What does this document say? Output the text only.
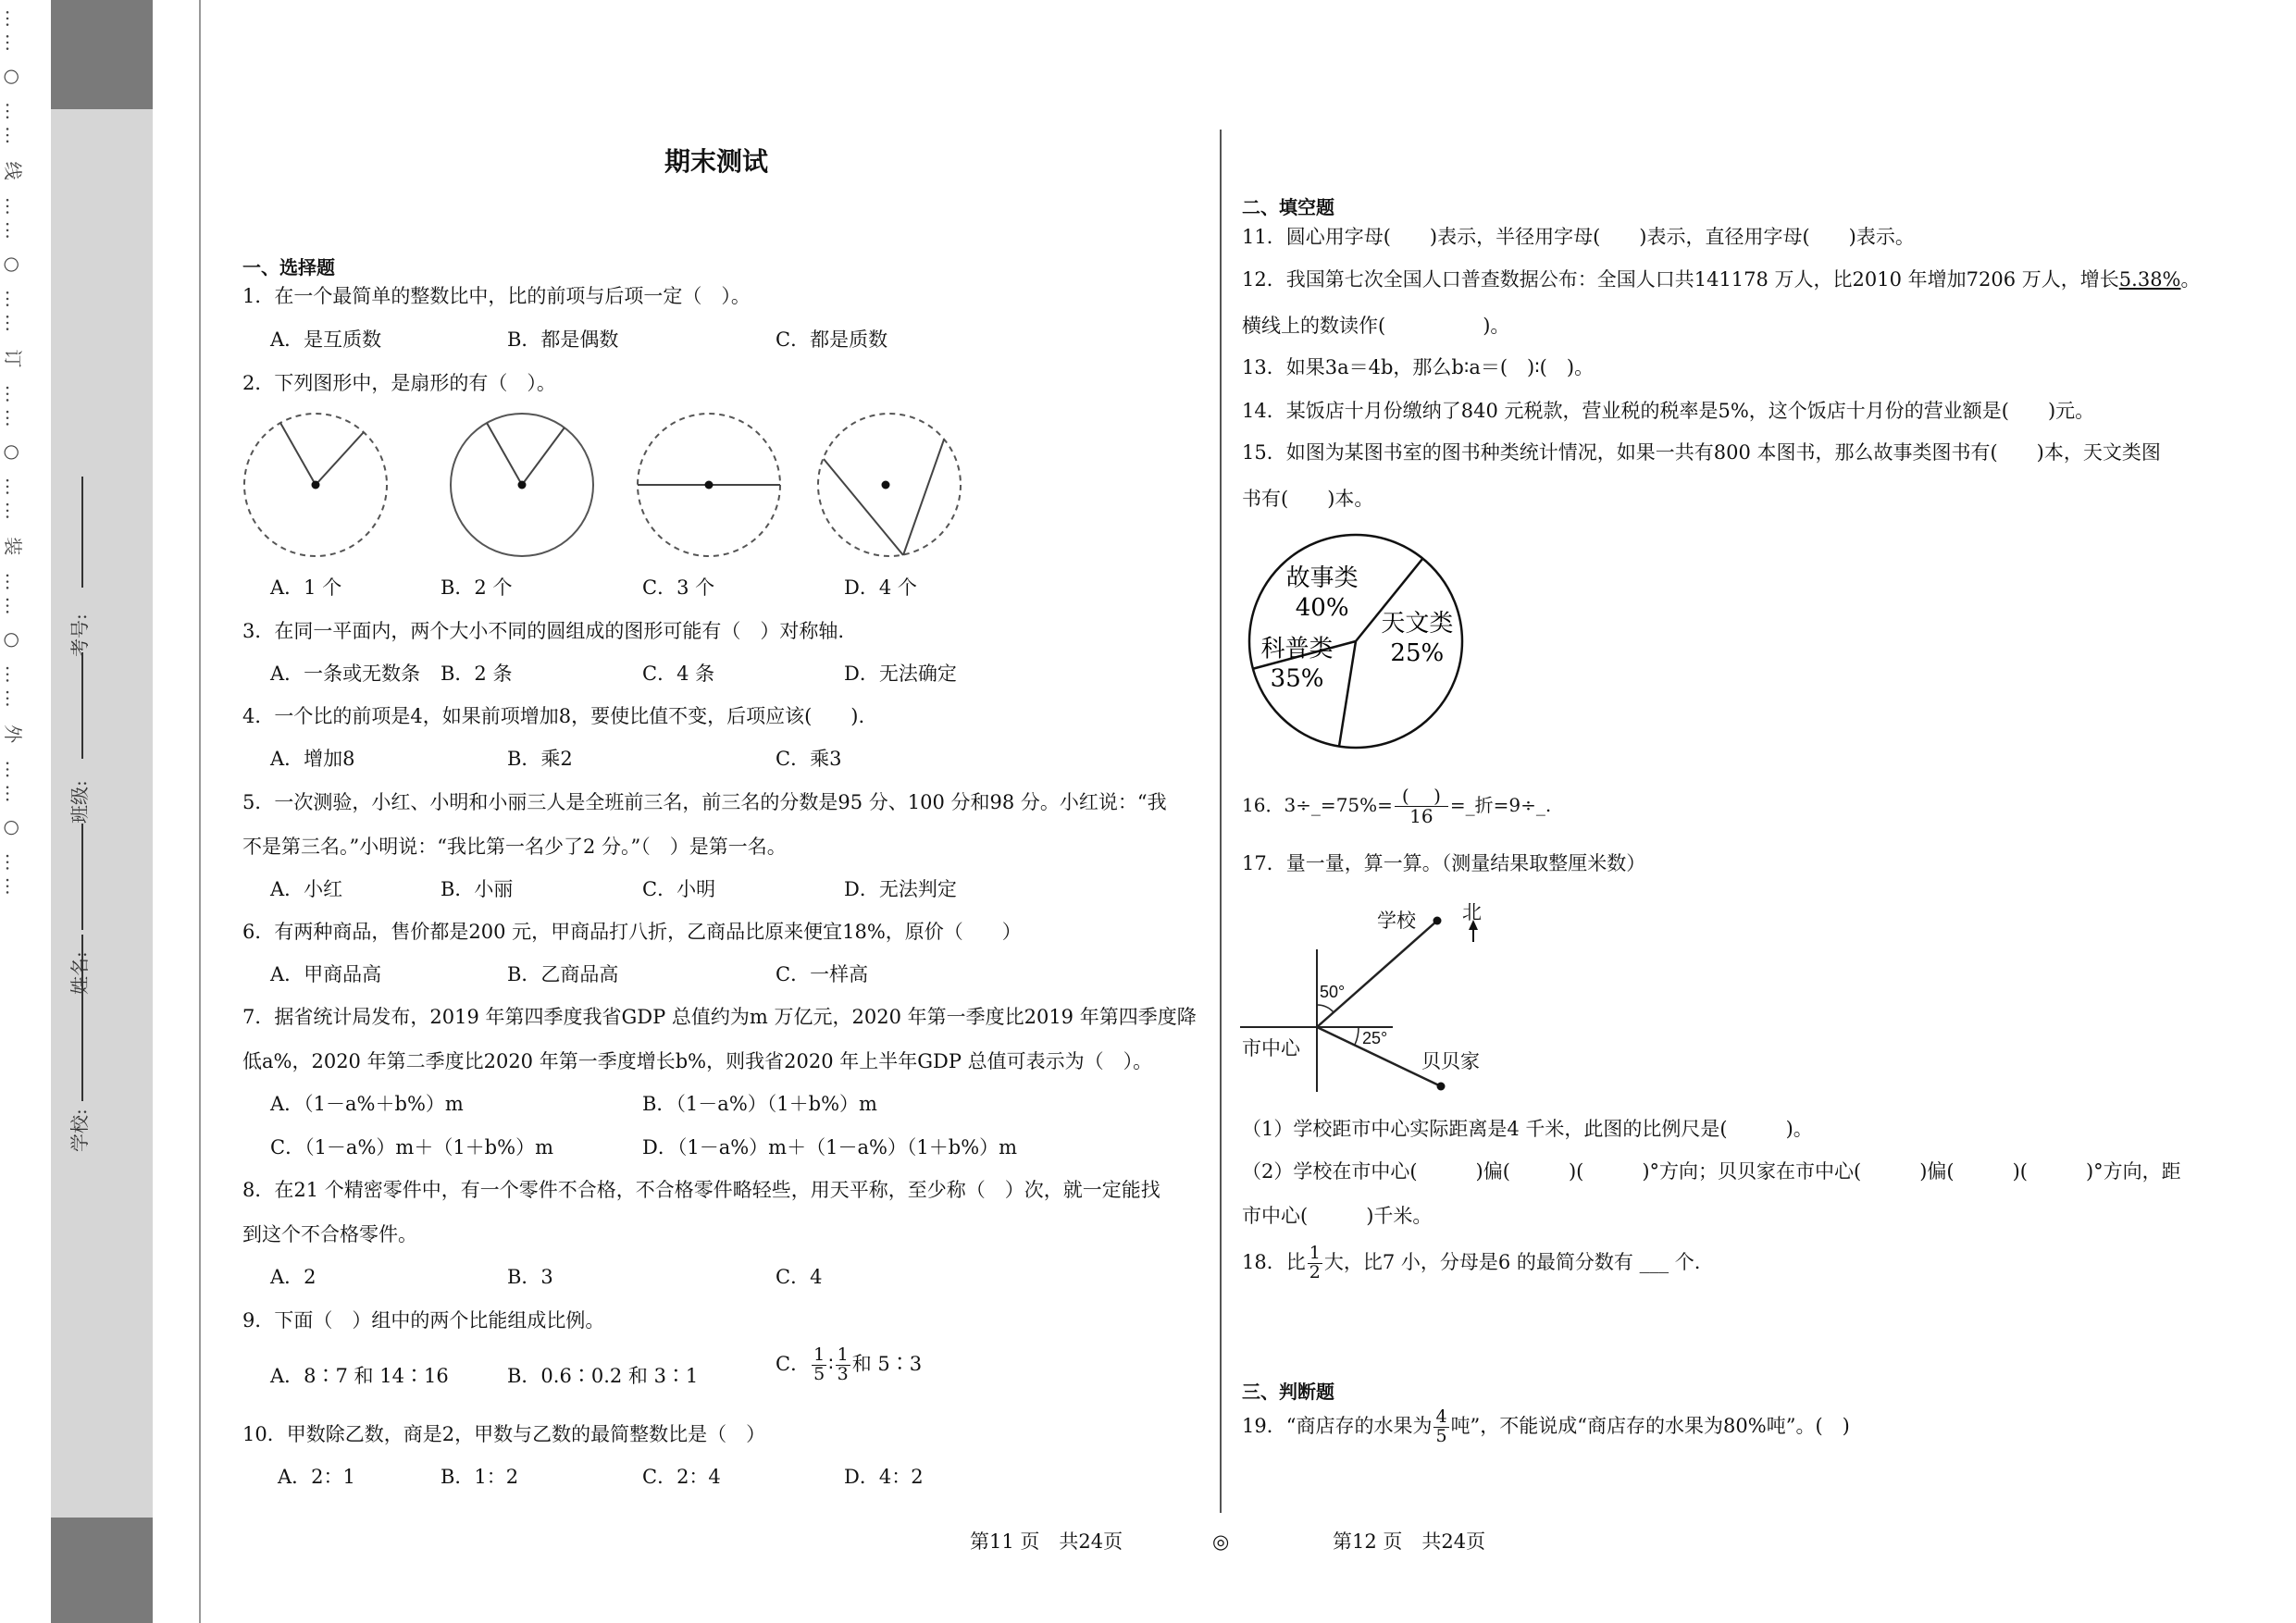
…… ○ …… 线 …… ○ …… 订 …… ○ …… 装 …… ○ …… 外 …… ○ ……
学校:
姓名:
班级:
考号:
期末测试
一、选择题
1．在一个最简单的整数比中，比的前项与后项一定（　）。
A．是互质数	B．都是偶数	C．都是质数
2．下列图形中，是扇形的有（　）。
A．1 个	B．2 个	C．3 个	D．4 个
3．在同一平面内，两个大小不同的圆组成的图形可能有（　）对称轴.
A．一条或无数条 B．2 条	C．4 条	D．无法确定
4．一个比的前项是4，如果前项增加8，要使比值不变，后项应该(　　).
A．增加8	B．乘2	C．乘3
5．一次测验，小红、小明和小丽三人是全班前三名，前三名的分数是95 分、100 分和98 分。小红说：“我
不是第三名。”小明说：“我比第一名少了2 分。”（　）是第一名。
A．小红	B．小丽	C．小明	D．无法判定
6．有两种商品，售价都是200 元，甲商品打八折，乙商品比原来便宜18%，原价（　　）
A．甲商品高	B．乙商品高	C．一样高
7．据省统计局发布，2019 年第四季度我省GDP 总值约为m 万亿元，2020 年第一季度比2019 年第四季度降
低a%，2020 年第二季度比2020 年第一季度增长b%，则我省2020 年上半年GDP 总值可表示为（　）。
A．（1－a%＋b%）m	B．（1－a%）（1＋b%）m
C．（1－a%）m＋（1＋b%）m	D．（1－a%）m＋（1－a%）（1＋b%）m
8．在21 个精密零件中，有一个零件不合格，不合格零件略轻些，用天平称，至少称（　）次，就一定能找
到这个不合格零件。
A．2	B．3	C．4
9．下面（　）组中的两个比能组成比例。
A．8∶7 和 14∶16	B．0.6∶0.2 和 3∶1
C． $\frac{1}{5}$ ∶ $\frac{1}{3}$ 和 5∶3
10．甲数除乙数，商是2，甲数与乙数的最简整数比是（　）
A．2：1	B．1：2	C．2：4	D．4：2
二、填空题
11．圆心用字母(　　)表示，半径用字母(　　)表示，直径用字母(　　)表示。
12．我国第七次全国人口普查数据公布：全国人口共141178 万人，比2010 年增加7206 万人，增长5.38%。
横线上的数读作(　　　　　)。
13．如果3a＝4b，那么b∶a＝(　)∶(　)。
14．某饭店十月份缴纳了840 元税款，营业税的税率是5%，这个饭店十月份的营业额是(　　)元。
15．如图为某图书室的图书种类统计情况，如果一共有800 本图书，那么故事类图书有(　　)本，天文类图
书有(　　)本。
故事类
40%
天文类
25%
科普类
35%
16．3÷_=75%= ( 　)
16 =_折=9÷_.
17．量一量，算一算。（测量结果取整厘米数）
学校 北
50°
25°
市中心
贝贝家
（1）学校距市中心实际距离是4 千米，此图的比例尺是(　　　)。
（2）学校在市中心(　　　)偏(　　　)(　　　)°方向；贝贝家在市中心(　　　)偏(　　　)(　　　)°方向，距
市中心(　　　)千米。
18．比 $\frac{1}{2}$ 大，比7 小，分母是6 的最简分数有 ___ 个.
三、判断题
19．“商店存的水果为 $\frac{4}{5}$ 吨”，不能说成“商店存的水果为80%吨”。(　)
第11 页　共24页	◎	第12 页　共24页
